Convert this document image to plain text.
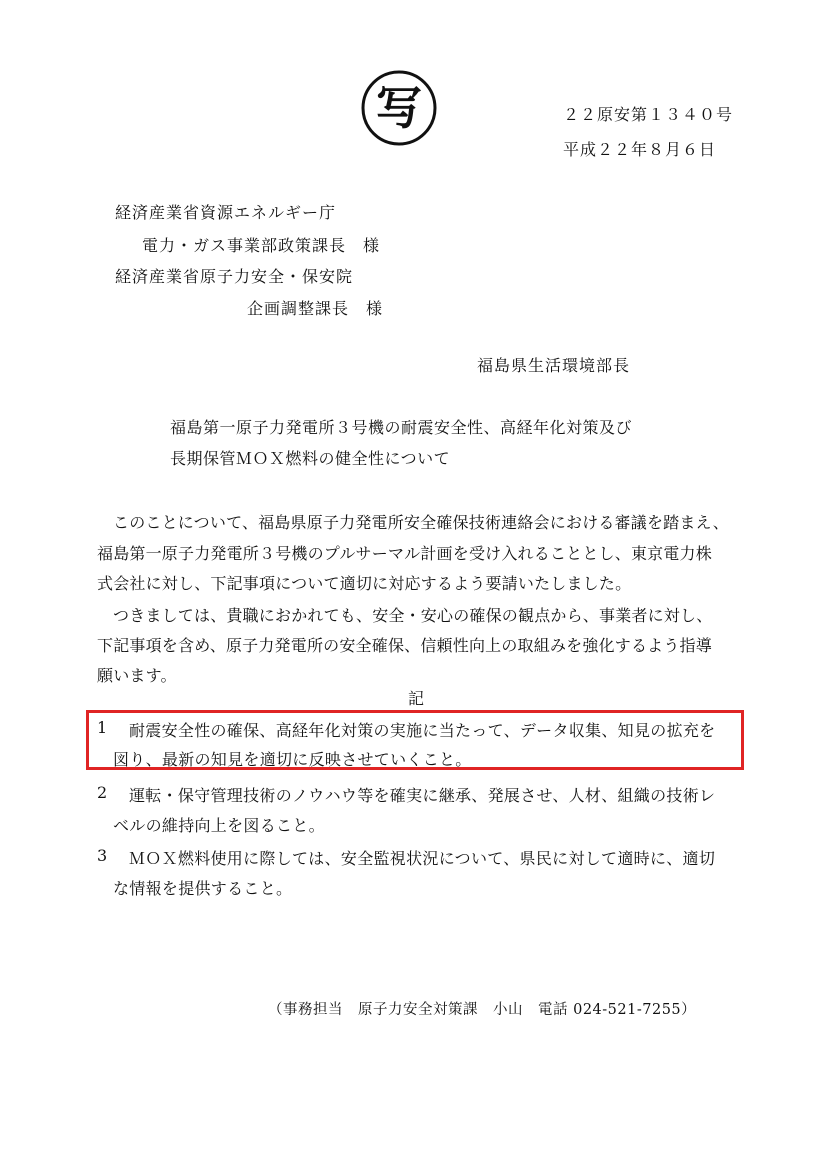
写	２２原安第１３４０号
平成２２年８月６日
経済産業省資源エネルギー庁
電力・ガス事業部政策課長　様
経済産業省原子力安全・保安院
企画調整課長　様
福島県生活環境部長
福島第一原子力発電所３号機の耐震安全性、高経年化対策及び
長期保管ＭＯＸ燃料の健全性について
このことについて、福島県原子力発電所安全確保技術連絡会における審議を踏まえ、
福島第一原子力発電所３号機のプルサーマル計画を受け入れることとし、東京電力株
式会社に対し、下記事項について適切に対応するよう要請いたしました。
つきましては、貴職におかれても、安全・安心の確保の観点から、事業者に対し、
下記事項を含め、原子力発電所の安全確保、信頼性向上の取組みを強化するよう指導
願います。
記
1 耐震安全性の確保、高経年化対策の実施に当たって、データ収集、知見の拡充を
図り、最新の知見を適切に反映させていくこと。
2 運転・保守管理技術のノウハウ等を確実に継承、発展させ、人材、組織の技術レ
ベルの維持向上を図ること。
3 ＭＯＸ燃料使用に際しては、安全監視状況について、県民に対して適時に、適切
な情報を提供すること。
（事務担当　原子力安全対策課　小山　電話 024-521-7255）
